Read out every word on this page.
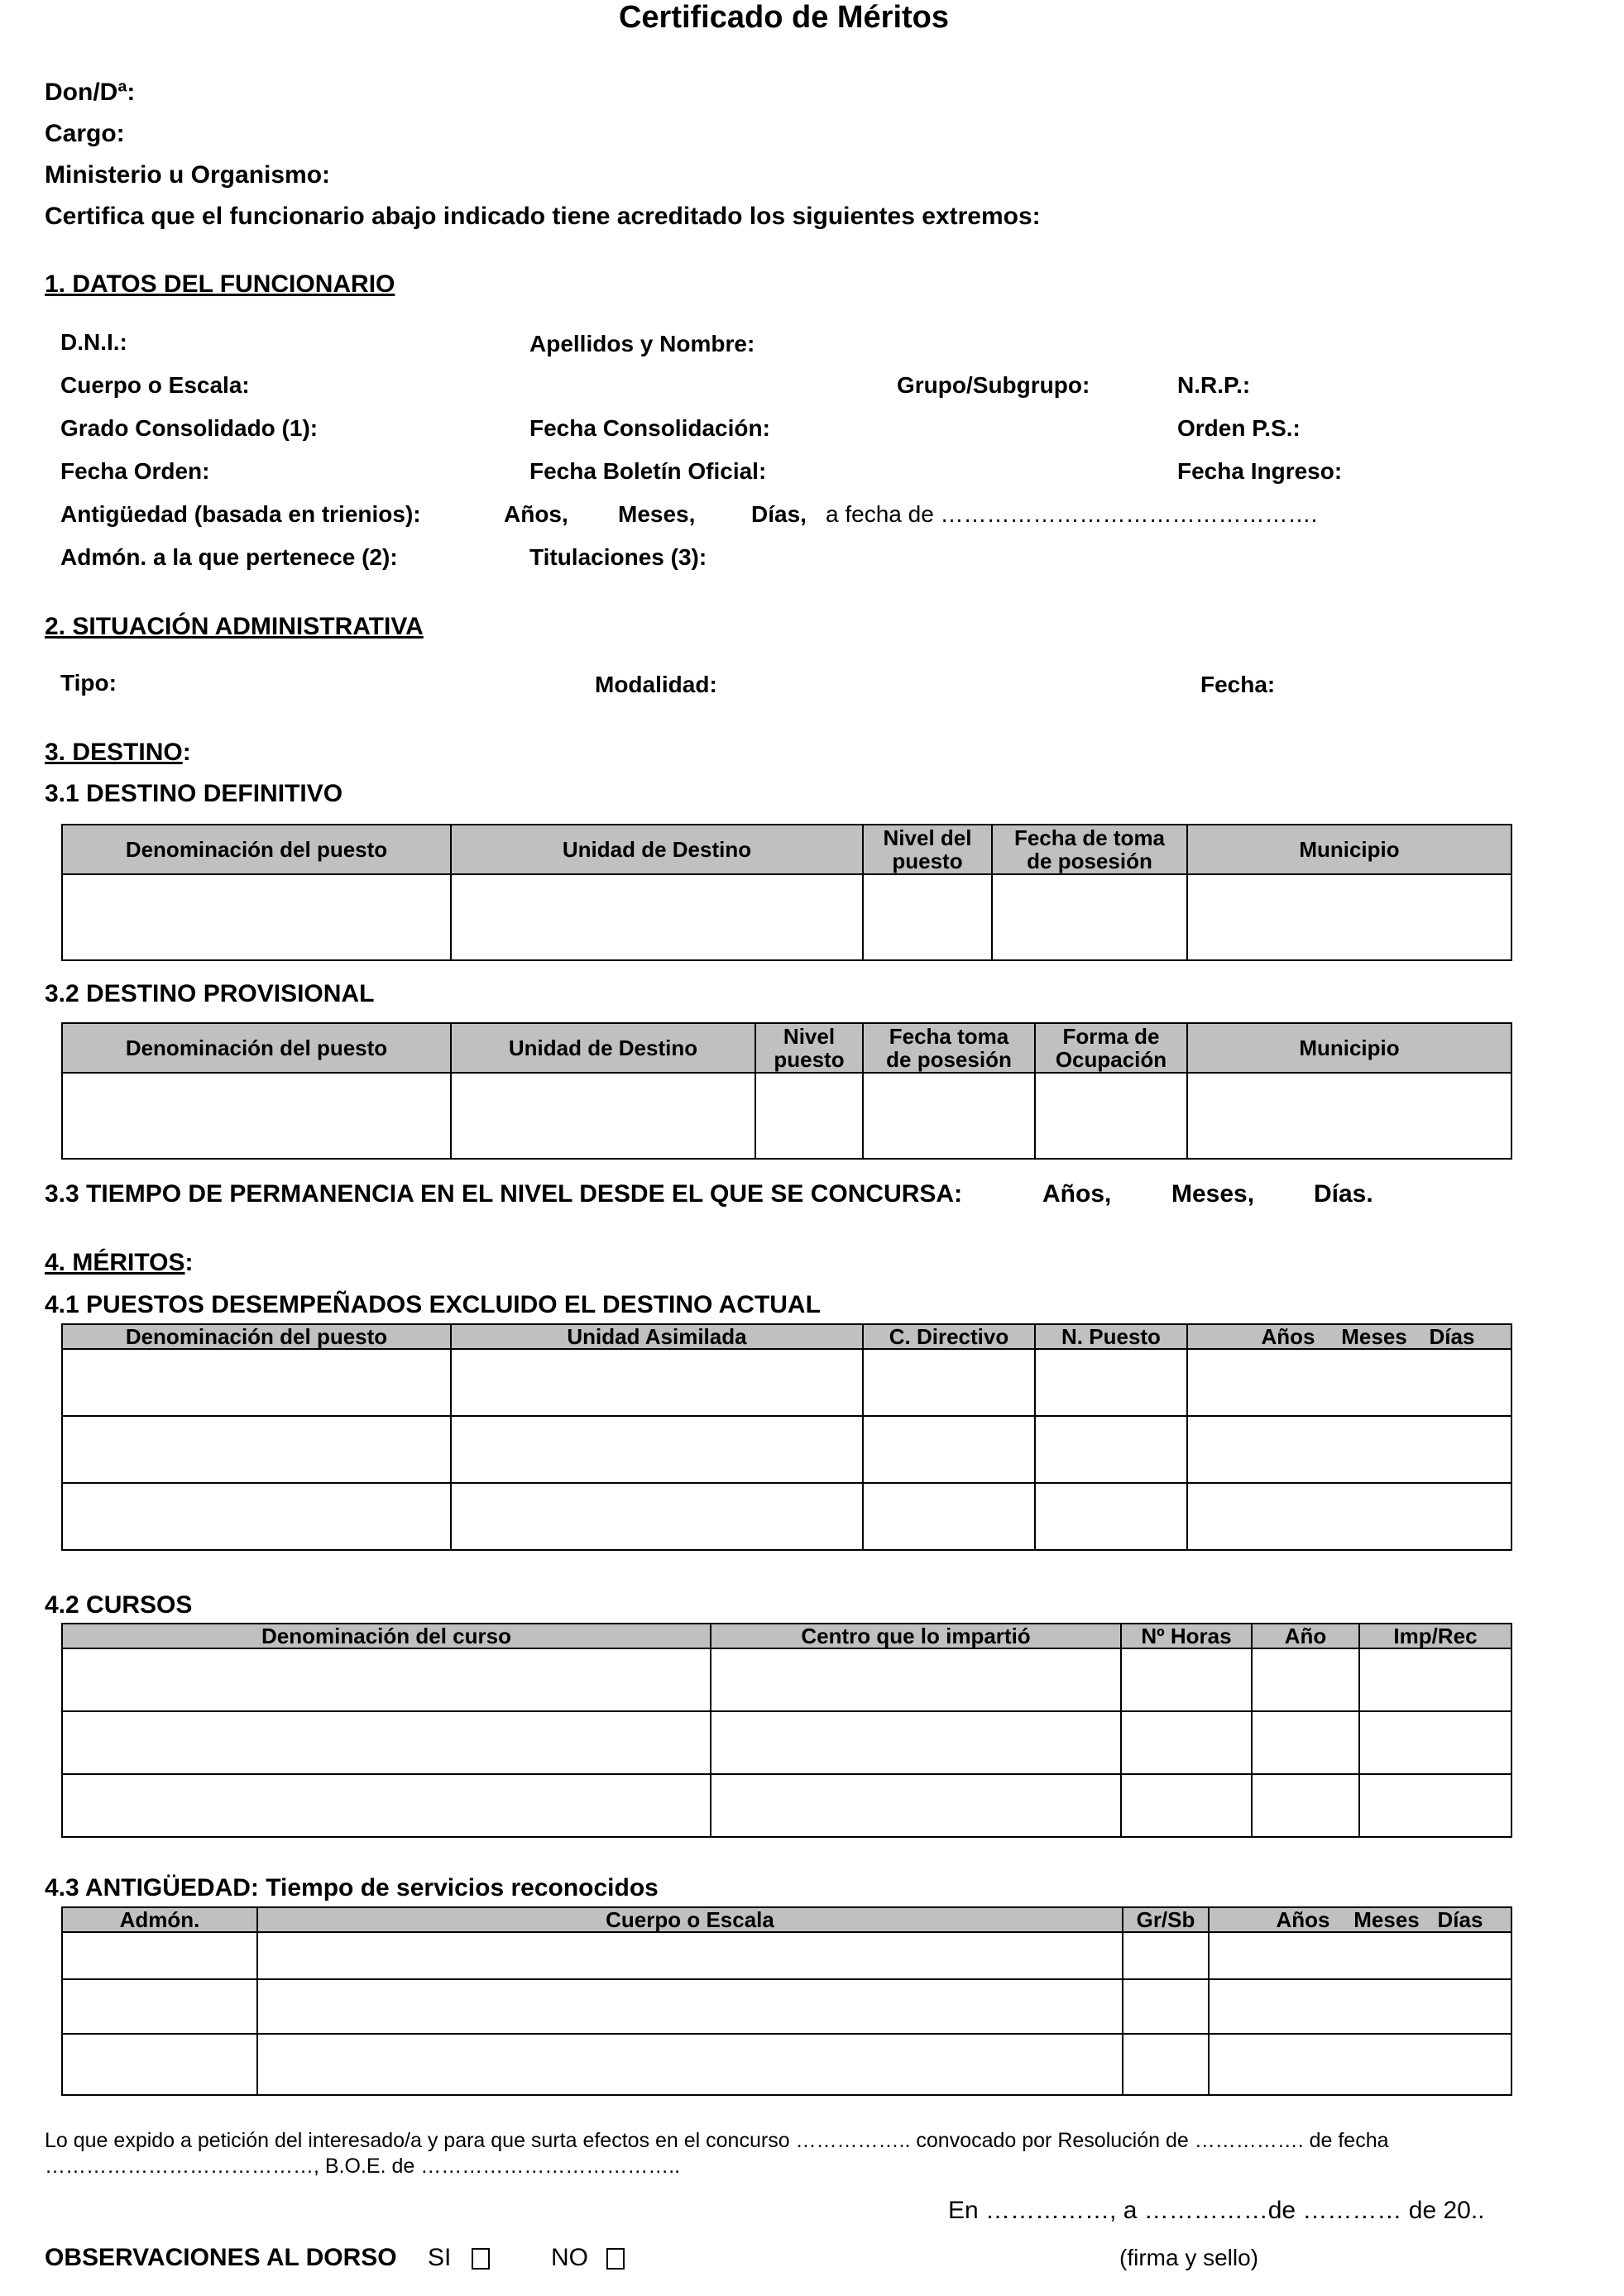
Certificado de Méritos
Don/Dª:
Cargo:
Ministerio u Organismo:
Certifica que el funcionario abajo indicado tiene acreditado los siguientes extremos:
1. DATOS DEL FUNCIONARIO
D.N.I.:	Apellidos y Nombre:
Cuerpo o Escala:	Grupo/Subgrupo:	N.R.P.:
Grado Consolidado (1):	Fecha Consolidación:	Orden P.S.:
Fecha Orden:	Fecha Boletín Oficial:	Fecha Ingreso:
Antigüedad (basada en trienios):	Años, Meses, Días, a fecha de ………………………………………….
Admón. a la que pertenece (2):	Titulaciones (3):
2. SITUACIÓN ADMINISTRATIVA
Tipo:	Modalidad:	Fecha:
3. DESTINO:
3.1 DESTINO DEFINITIVO
Denominación del puesto	Unidad de Destino	Nivel del puesto	Fecha de toma de posesión	Municipio

3.2 DESTINO PROVISIONAL
Denominación del puesto	Unidad de Destino	Nivel puesto	Fecha toma de posesión	Forma de Ocupación	Municipio

3.3 TIEMPO DE PERMANENCIA EN EL NIVEL DESDE EL QUE SE CONCURSA:	Años, Meses, Días.
4. MÉRITOS:
4.1 PUESTOS DESEMPEÑADOS EXCLUIDO EL DESTINO ACTUAL
Denominación del puesto	Unidad Asimilada	C. Directivo	N. Puesto	Años Meses Días

4.2 CURSOS
Denominación del curso	Centro que lo impartió	Nº Horas	Año	Imp/Rec

4.3 ANTIGÜEDAD: Tiempo de servicios reconocidos
Admón.	Cuerpo o Escala	Gr/Sb	Años Meses Días

Lo que expido a petición del interesado/a y para que surta efectos en el concurso …………….. convocado por Resolución de ……………. de fecha
…………………………………, B.O.E. de ………………………………..
En ……………, a ……………de ………… de 20..
OBSERVACIONES AL DORSO SI	NO	(firma y sello)
